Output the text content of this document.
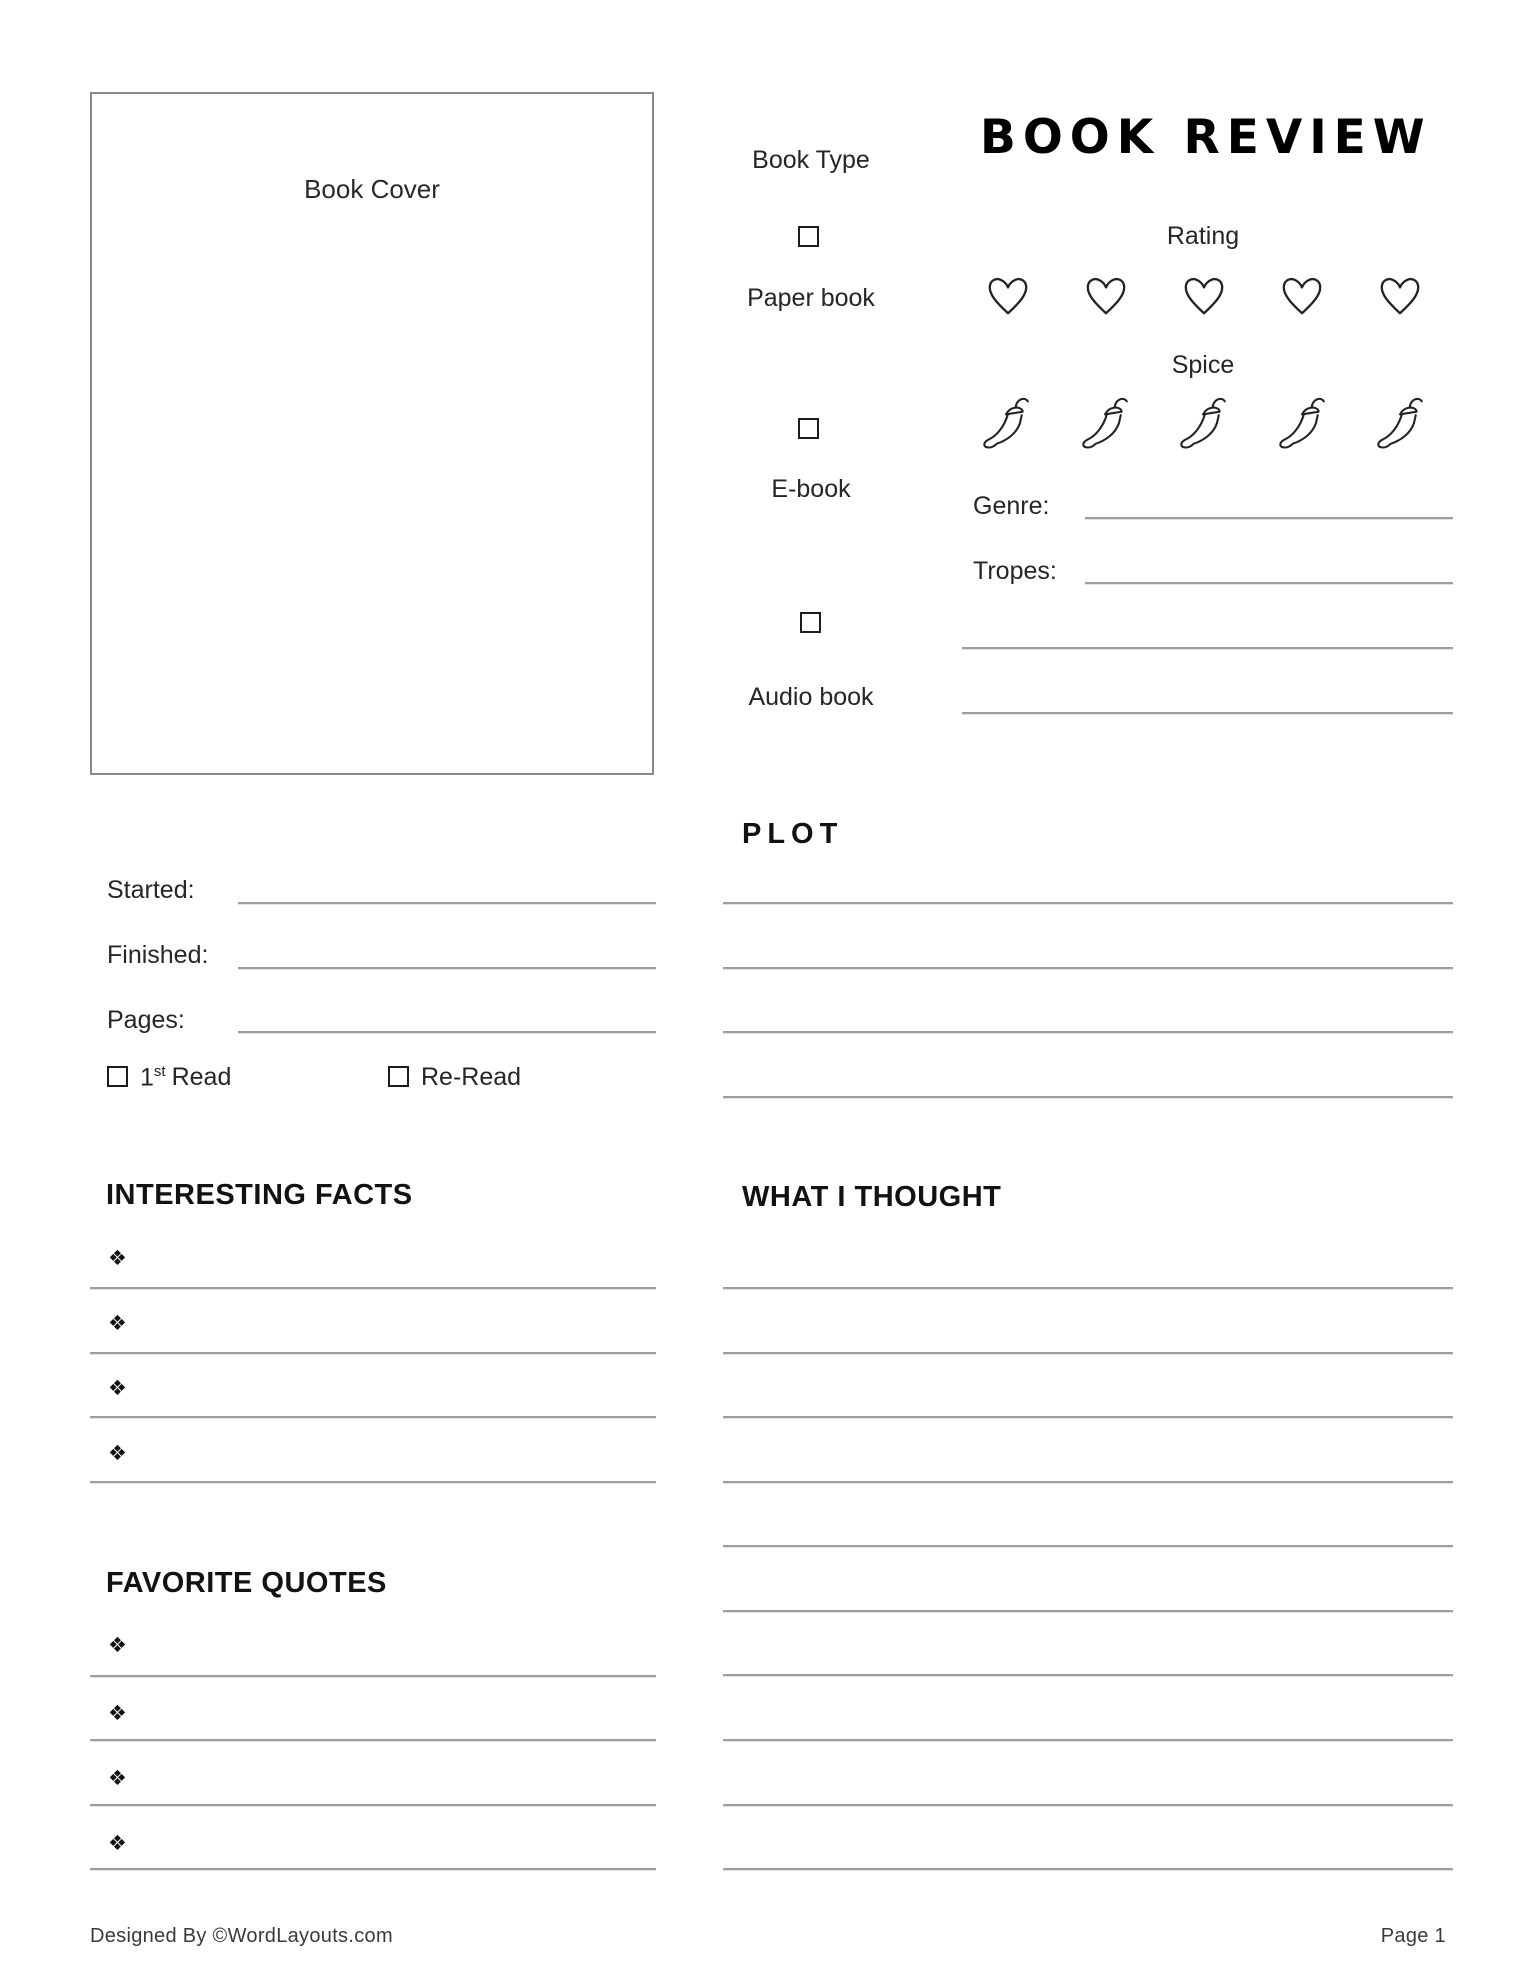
Book Cover
Started:
Finished:
Pages:
1st Read	Re-Read
INTERESTING FACTS
❖
❖
❖
❖
FAVORITE QUOTES
❖
❖
❖
❖
Book Type	BOOK REVIEW
Paper book
Rating
Spice
E-book
Genre:
Tropes:
Audio book
PLOT
WHAT I THOUGHT
Designed By ©WordLayouts.com	Page 1
